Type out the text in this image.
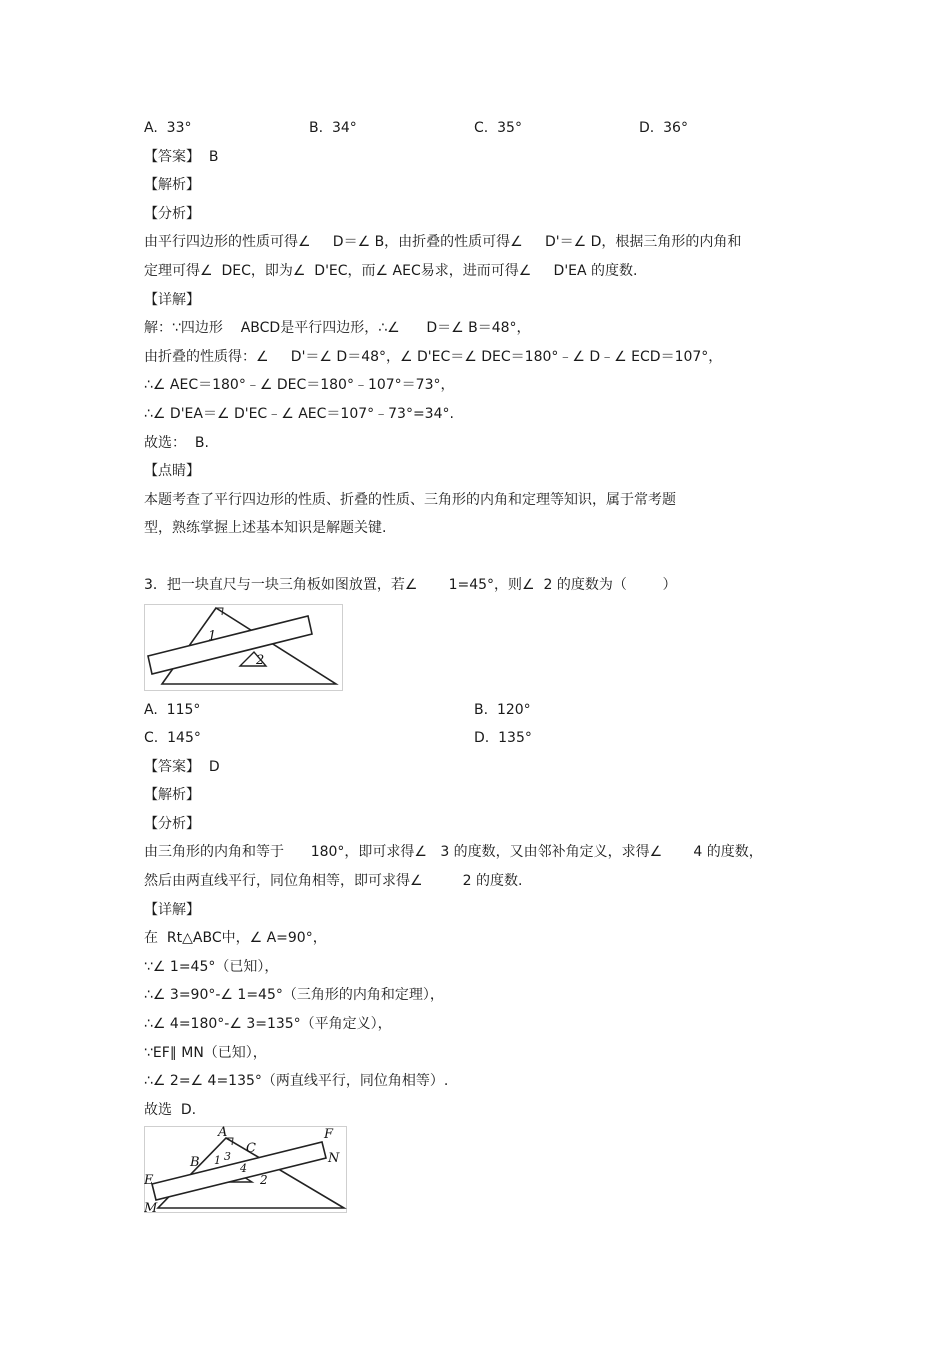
A.  33°	B.  34°	C.  35°	D.  36°
【答案】  B
【解析】
【分析】
由平行四边形的性质可得∠     D＝∠ B，由折叠的性质可得∠     D'＝∠ D，根据三角形的内角和
定理可得∠  DEC，即为∠  D'EC，而∠ AEC易求，进而可得∠     D'EA 的度数.
【详解】
解：∵四边形    ABCD是平行四边形，∴∠      D＝∠ B＝48°，
由折叠的性质得：∠     D'＝∠ D＝48°，∠ D'EC＝∠ DEC＝180°﹣∠ D﹣∠ ECD＝107°，
∴∠ AEC＝180°﹣∠ DEC＝180°﹣107°＝73°，
∴∠ D'EA＝∠ D'EC﹣∠ AEC＝107°﹣73°=34°.
故选：  B.
【点睛】
本题考查了平行四边形的性质、折叠的性质、三角形的内角和定理等知识，属于常考题
型，熟练掌握上述基本知识是解题关键.
3．把一块直尺与一块三角板如图放置，若∠       1=45°，则∠  2 的度数为（        ）
1
2
A.  115°	B.  120°
C.  145°	D.  135°
【答案】  D
【解析】
【分析】
由三角形的内角和等于      180°，即可求得∠   3 的度数，又由邻补角定义，求得∠       4 的度数，
然后由两直线平行，同位角相等，即可求得∠         2 的度数.
【详解】
在  Rt△ABC中，∠ A=90°，
∵∠ 1=45°（已知），
∴∠ 3=90°-∠ 1=45°（三角形的内角和定理），
∴∠ 4=180°-∠ 3=135°（平角定义），
∵EF∥ MN（已知），
∴∠ 2=∠ 4=135°（两直线平行，同位角相等）.
故选  D.
A	F
C
B 1 3
4
2
N
E
M
